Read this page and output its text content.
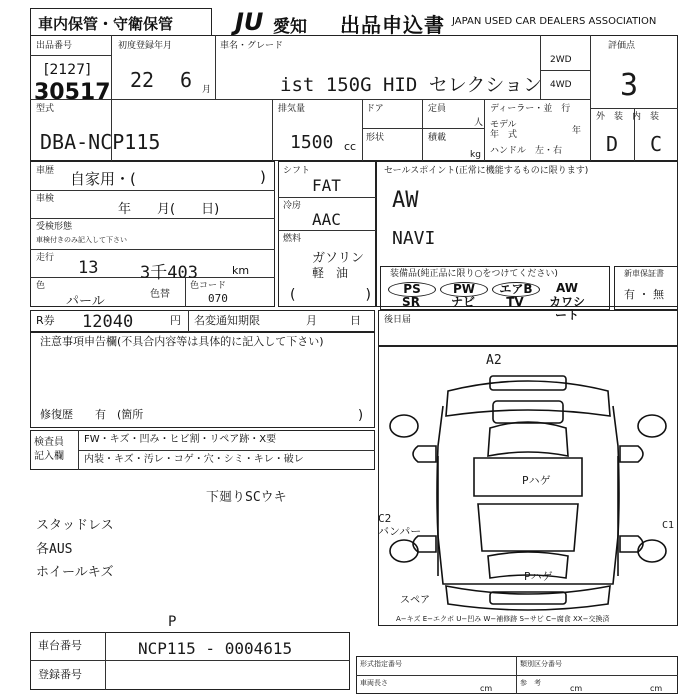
車内保管・守衛保管	JU 愛知 出品申込書 JAPAN USED CAR DEALERS ASSOCIATION
出品番号
[2127]
30517
初度登録年月
22 6 月
車名・グレード
ist 150G HID セレクション
2WD
4WD
評価点
3
型式
DBA-NCP115
排気量
1500 cc
ドア
形状
定員
人
積載
kg
ディーラー・並　行
モデル
年　式	年
ハンドル　左・右
外　装　内　装
D C
車歴 自家用・(	)
車検
年　　月(　　日)
受検形態
車検付きのみ記入して下さい
走行 13 3千403	km
色
パール	色替
色コード
070
シフト
FAT
冷房
AAC
燃料
ガソリン
軽　油
(　　　　　)
セールスポイント(正常に機能するものに限ります)
AW
NAVI
装備品(純正品に限り○をつけてください)
PS	PW	エアB	AW
SR	ナビ	TV	カワシート
新車保証書
有 ・ 無
R券 12040	円 名変通知期限	月	日	後日届
注意事項申告欄(不具合内容等は具体的に記入して下さい)
修復歴　　有　(箇所	)
検査員
記入欄
FW・キズ・凹み・ヒビ割・リペア跡・X要
内装・キズ・汚レ・コゲ・穴・シミ・キレ・破レ
下廻りSCウキ
スタッドレス
各AUS
ホイールキズ
A2
Pハゲ
Pハゲ
C2
バンパー	C1
スペア
A−キズ E−エクボ U−凹み W−補修跡 S−サビ C−腐食 XX−交換済
車台番号
P
NCP115 - 0004615
登録番号
形式指定番号	類別区分番号
車両長さ	参　考
cm	cm	cm
